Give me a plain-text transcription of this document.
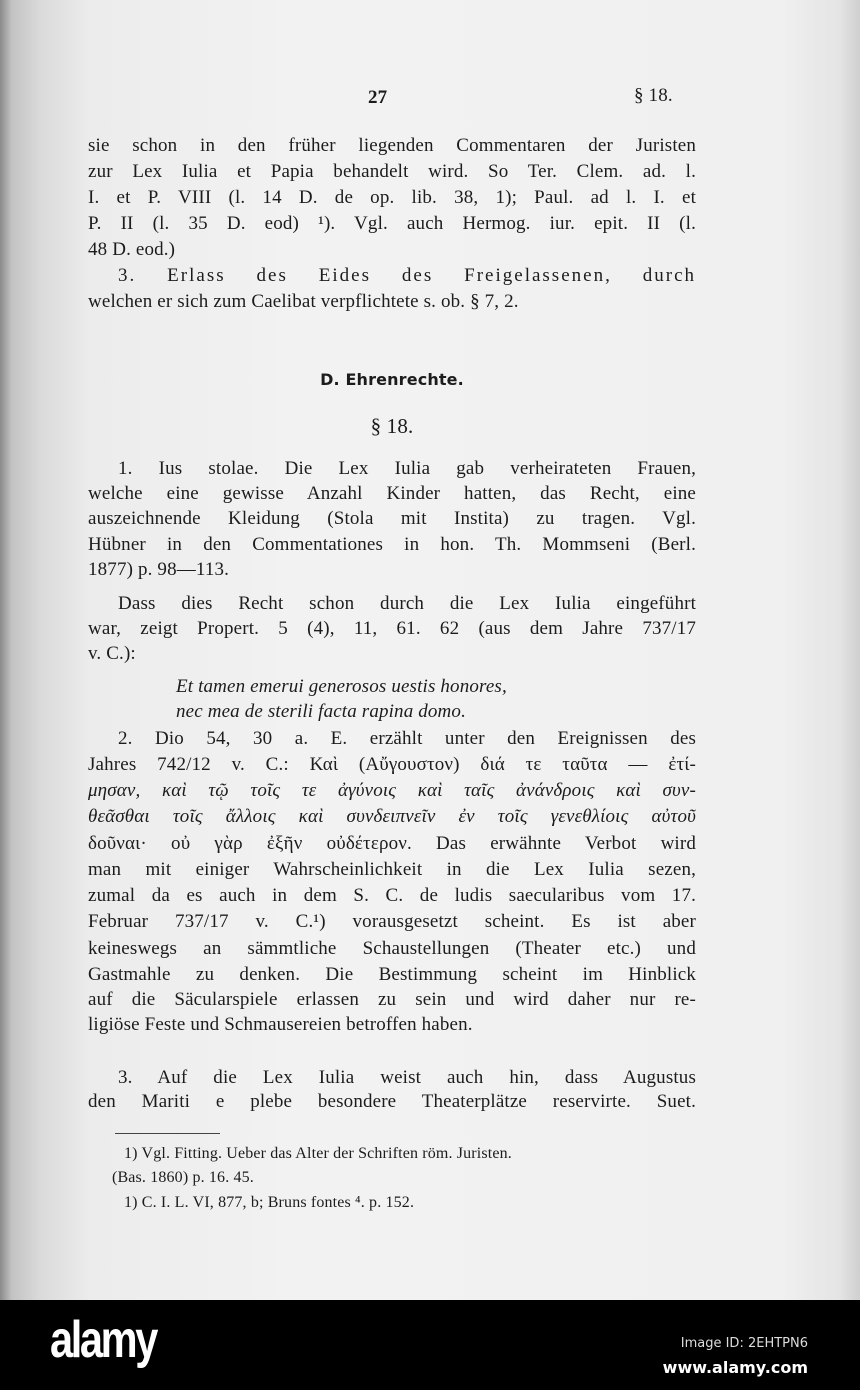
27	§ 18.
sie schon in den früher liegenden Commentaren der Juristen
zur Lex Iulia et Papia behandelt wird. So Ter. Clem. ad. l.
I. et P. VIII (l. 14 D. de op. lib. 38, 1); Paul. ad l. I. et
P. II (l. 35 D. eod) ¹). Vgl. auch Hermog. iur. epit. II (l.
48 D. eod.)
3. Erlass des Eides des Freigelassenen, durch
welchen er sich zum Caelibat verpflichtete s. ob. § 7, 2.
D. Ehrenrechte.
§ 18.
1. Ius stolae. Die Lex Iulia gab verheirateten Frauen,
welche eine gewisse Anzahl Kinder hatten, das Recht, eine
auszeichnende Kleidung (Stola mit Instita) zu tragen. Vgl.
Hübner in den Commentationes in hon. Th. Mommseni (Berl.
1877) p. 98—113.
Dass dies Recht schon durch die Lex Iulia eingeführt
war, zeigt Propert. 5 (4), 11, 61. 62 (aus dem Jahre 737/17
v. C.):
Et tamen emerui generosos uestis honores,
nec mea de sterili facta rapina domo.
2. Dio 54, 30 a. E. erzählt unter den Ereignissen des
Jahres 742/12 v. C.: Καὶ (Αὔγουστον) διά τε ταῦτα — ἐτί-
μησαν, καὶ τῷ τοῖς τε ἀγύνοις καὶ ταῖς ἀνάνδροις καὶ συν-
θεᾶσθαι τοῖς ἄλλοις καὶ συνδειπνεῖν ἐν τοῖς γενεθλίοις αὐτοῦ
δοῦναι· οὐ γὰρ ἐξῆν οὐδέτερον. Das erwähnte Verbot wird
man mit einiger Wahrscheinlichkeit in die Lex Iulia sezen,
zumal da es auch in dem S. C. de ludis saecularibus vom 17.
Februar 737/17 v. C.¹) vorausgesetzt scheint. Es ist aber
keineswegs an sämmtliche Schaustellungen (Theater etc.) und
Gastmahle zu denken. Die Bestimmung scheint im Hinblick
auf die Säcularspiele erlassen zu sein und wird daher nur re-
ligiöse Feste und Schmausereien betroffen haben.
3. Auf die Lex Iulia weist auch hin, dass Augustus
den Mariti e plebe besondere Theaterplätze reservirte. Suet.
1) Vgl. Fitting. Ueber das Alter der Schriften röm. Juristen.
(Bas. 1860) p. 16. 45.
1) C. I. L. VI, 877, b; Bruns fontes ⁴. p. 152.
alamy	Image ID: 2EHTPN6
www.alamy.com
